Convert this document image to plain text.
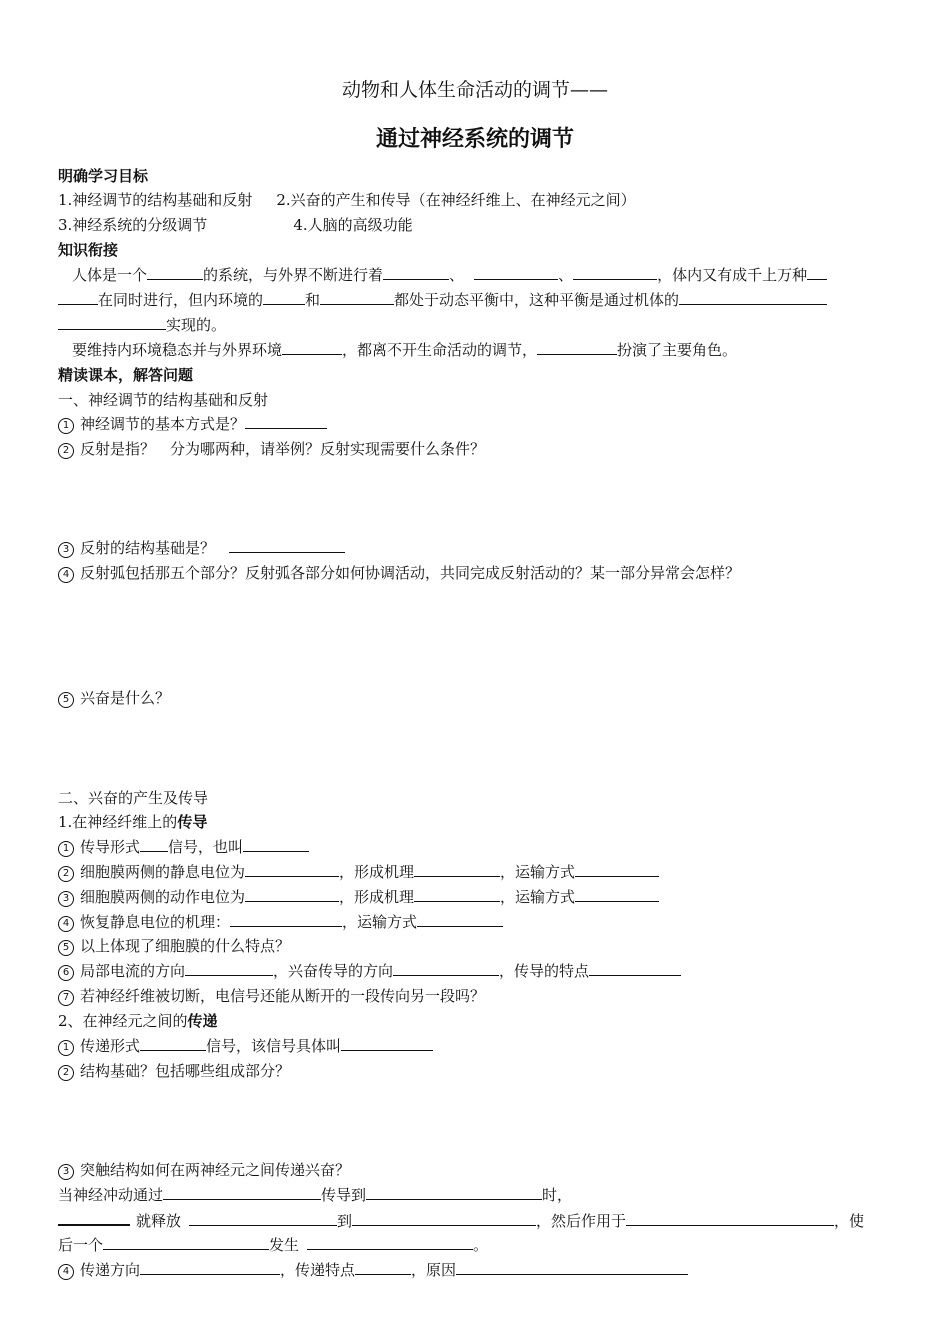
动物和人体生命活动的调节——
通过神经系统的调节
明确学习目标
1.神经调节的结构基础和反射 2.兴奋的产生和传导（在神经纤维上、在神经元之间）
3.神经系统的分级调节	4.人脑的高级功能
知识衔接
人体是一个	的系统，与外界不断进行着	、	、	，体内又有成千上万种
在同时进行，但内环境的	和	都处于动态平衡中，这种平衡是通过机体的
实现的。
要维持内环境稳态并与外界环境	，都离不开生命活动的调节，	扮演了主要角色。
精读课本，解答问题
一、神经调节的结构基础和反射
1 神经调节的基本方式是？
2 反射是指？　分为哪两种，请举例？反射实现需要什么条件？
3 反射的结构基础是？
4 反射弧包括那五个部分？反射弧各部分如何协调活动，共同完成反射活动的？某一部分异常会怎样？
5 兴奋是什么？
二、兴奋的产生及传导
1.在神经纤维上的传导
1 传导形式 信号，也叫
2 细胞膜两侧的静息电位为	，形成机理	，运输方式
3 细胞膜两侧的动作电位为	，形成机理	，运输方式
4 恢复静息电位的机理：	，运输方式
5 以上体现了细胞膜的什么特点？
6 局部电流的方向	，兴奋传导的方向	，传导的特点
7 若神经纤维被切断，电信号还能从断开的一段传向另一段吗？
2、在神经元之间的传递
1 传递形式	信号，该信号具体叫
2 结构基础？包括哪些组成部分？
3 突触结构如何在两神经元之间传递兴奋？
当神经冲动通过	传导到	时，
就释放	到	，然后作用于	，使
后一个	发生	。
4 传递方向	，传递特点	，原因
